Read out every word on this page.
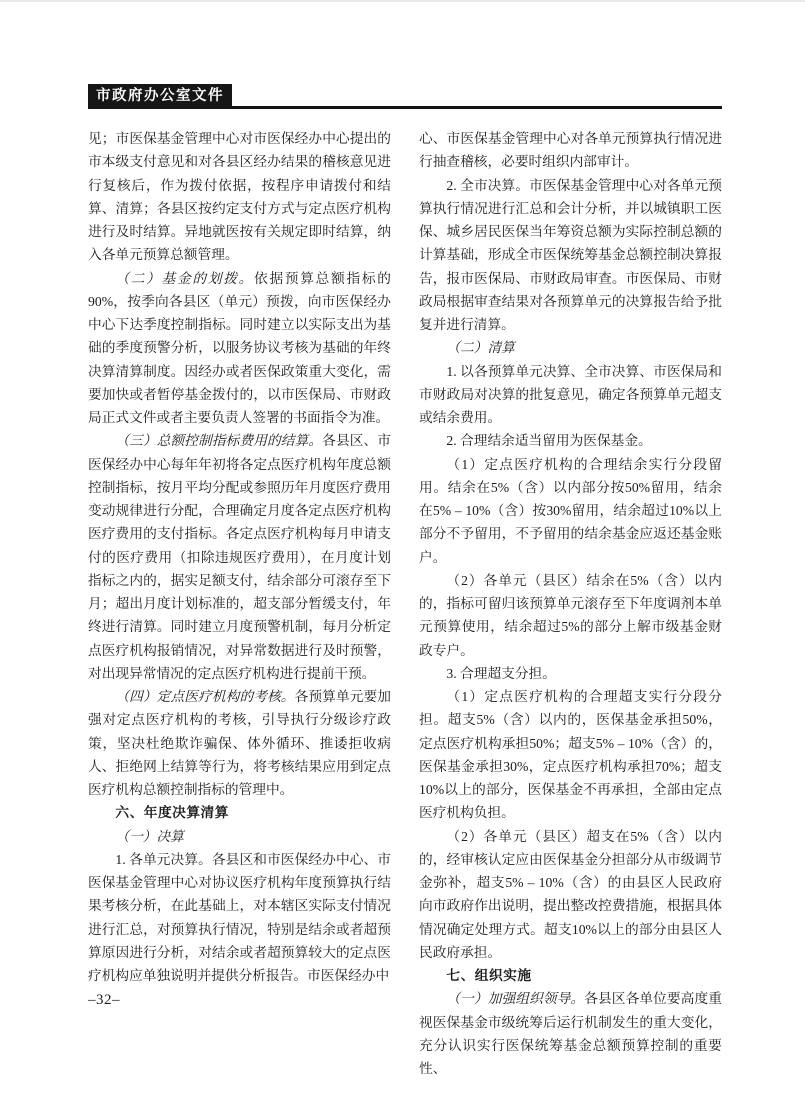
市政府办公室文件

见；市医保基金管理中心对市医保经办中心提出的市本级支付意见和对各县区经办结果的稽核意见进行复核后，作为拨付依据，按程序申请拨付和结算、清算；各县区按约定支付方式与定点医疗机构进行及时结算。异地就医按有关规定即时结算，纳入各单元预算总额管理。

（二）基金的划拨。依据预算总额指标的90%，按季向各县区（单元）预拨，向市医保经办中心下达季度控制指标。同时建立以实际支出为基础的季度预警分析，以服务协议考核为基础的年终决算清算制度。因经办或者医保政策重大变化，需要加快或者暂停基金拨付的，以市医保局、市财政局正式文件或者主要负责人签署的书面指令为准。

（三）总额控制指标费用的结算。各县区、市医保经办中心每年年初将各定点医疗机构年度总额控制指标，按月平均分配或参照历年月度医疗费用变动规律进行分配，合理确定月度各定点医疗机构医疗费用的支付指标。各定点医疗机构每月申请支付的医疗费用（扣除违规医疗费用），在月度计划指标之内的，据实足额支付，结余部分可滚存至下月；超出月度计划标准的，超支部分暂缓支付，年终进行清算。同时建立月度预警机制，每月分析定点医疗机构报销情况，对异常数据进行及时预警，对出现异常情况的定点医疗机构进行提前干预。

（四）定点医疗机构的考核。各预算单元要加强对定点医疗机构的考核，引导执行分级诊疗政策，坚决杜绝欺诈骗保、体外循环、推诿拒收病人、拒绝网上结算等行为，将考核结果应用到定点医疗机构总额控制指标的管理中。

六、年度决算清算

（一）决算

1. 各单元决算。各县区和市医保经办中心、市医保基金管理中心对协议医疗机构年度预算执行结果考核分析，在此基础上，对本辖区实际支付情况进行汇总，对预算执行情况，特别是结余或者超预算原因进行分析，对结余或者超预算较大的定点医疗机构应单独说明并提供分析报告。市医保经办中

心、市医保基金管理中心对各单元预算执行情况进行抽查稽核，必要时组织内部审计。

2. 全市决算。市医保基金管理中心对各单元预算执行情况进行汇总和会计分析，并以城镇职工医保、城乡居民医保当年筹资总额为实际控制总额的计算基础，形成全市医保统筹基金总额控制决算报告，报市医保局、市财政局审查。市医保局、市财政局根据审查结果对各预算单元的决算报告给予批复并进行清算。

（二）清算

1. 以各预算单元决算、全市决算、市医保局和市财政局对决算的批复意见，确定各预算单元超支或结余费用。

2. 合理结余适当留用为医保基金。

（1）定点医疗机构的合理结余实行分段留用。结余在5%（含）以内部分按50%留用，结余在5% – 10%（含）按30%留用，结余超过10%以上部分不予留用，不予留用的结余基金应返还基金账户。

（2）各单元（县区）结余在5%（含）以内的，指标可留归该预算单元滚存至下年度调剂本单元预算使用，结余超过5%的部分上解市级基金财政专户。

3. 合理超支分担。

（1）定点医疗机构的合理超支实行分段分担。超支5%（含）以内的，医保基金承担50%，定点医疗机构承担50%；超支5% – 10%（含）的，医保基金承担30%，定点医疗机构承担70%；超支10%以上的部分，医保基金不再承担，全部由定点医疗机构负担。

（2）各单元（县区）超支在5%（含）以内的，经审核认定应由医保基金分担部分从市级调节金弥补，超支5% – 10%（含）的由县区人民政府向市政府作出说明，提出整改控费措施，根据具体情况确定处理方式。超支10%以上的部分由县区人民政府承担。

七、组织实施

（一）加强组织领导。各县区各单位要高度重视医保基金市级统筹后运行机制发生的重大变化，充分认识实行医保统筹基金总额预算控制的重要性、

–32–
